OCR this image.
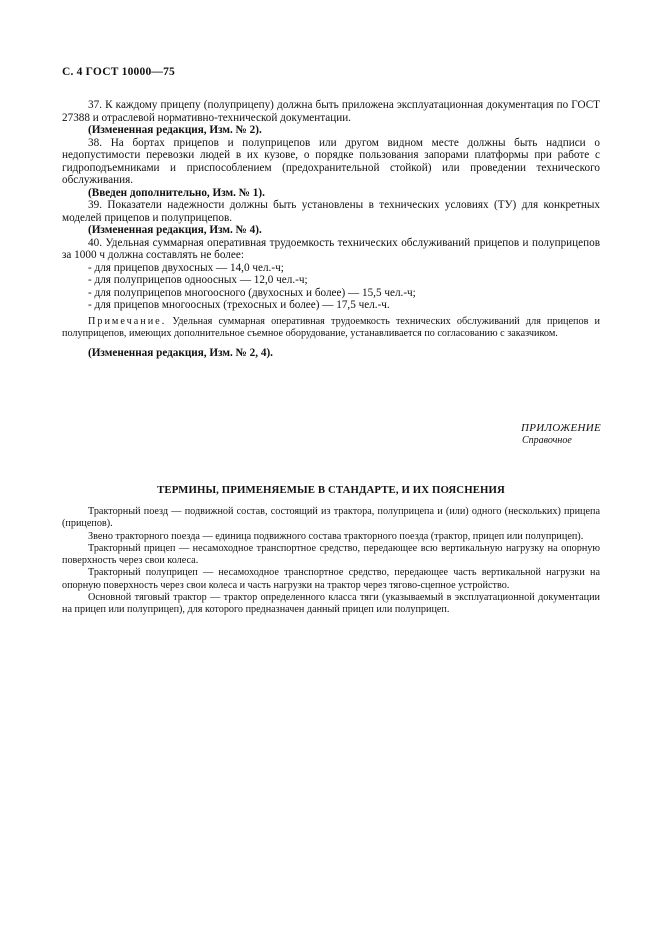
С. 4 ГОСТ 10000—75

37. К каждому прицепу (полуприцепу) должна быть приложена эксплуатационная документация по ГОСТ 27388 и отраслевой нормативно-технической документации.

(Измененная редакция, Изм. № 2).

38. На бортах прицепов и полуприцепов или другом видном месте должны быть надписи о недопустимости перевозки людей в их кузове, о порядке пользования запорами платформы при работе с гидроподъемниками и приспособлением (предохранительной стойкой) или проведении технического обслуживания.

(Введен дополнительно, Изм. № 1).

39. Показатели надежности должны быть установлены в технических условиях (ТУ) для конкретных моделей прицепов и полуприцепов.

(Измененная редакция, Изм. № 4).

40. Удельная суммарная оперативная трудоемкость технических обслуживаний прицепов и полуприцепов за 1000 ч должна составлять не более:

- для прицепов двухосных — 14,0 чел.-ч;

- для полуприцепов одноосных — 12,0 чел.-ч;

- для полуприцепов многоосного (двухосных и более) — 15,5 чел.-ч;

- для прицепов многоосных (трехосных и более) — 17,5 чел.-ч.

Примечание. Удельная суммарная оперативная трудоемкость технических обслуживаний для прицепов и полуприцепов, имеющих дополнительное съемное оборудование, устанавливается по согласованию с заказчиком.

(Измененная редакция, Изм. № 2, 4).

ПРИЛОЖЕНИЕ
Справочное
ТЕРМИНЫ, ПРИМЕНЯЕМЫЕ В СТАНДАРТЕ, И ИХ ПОЯСНЕНИЯ

Тракторный поезд — подвижной состав, состоящий из трактора, полуприцепа и (или) одного (нескольких) прицепа (прицепов).

Звено тракторного поезда — единица подвижного состава тракторного поезда (трактор, прицеп или полуприцеп).

Тракторный прицеп — несамоходное транспортное средство, передающее всю вертикальную нагрузку на опорную поверхность через свои колеса.

Тракторный полуприцеп — несамоходное транспортное средство, передающее часть вертикальной нагрузки на опорную поверхность через свои колеса и часть нагрузки на трактор через тягово-сцепное устройство.

Основной тяговый трактор — трактор определенного класса тяги (указываемый в эксплуатационной документации на прицеп или полуприцеп), для которого предназначен данный прицеп или полуприцеп.
